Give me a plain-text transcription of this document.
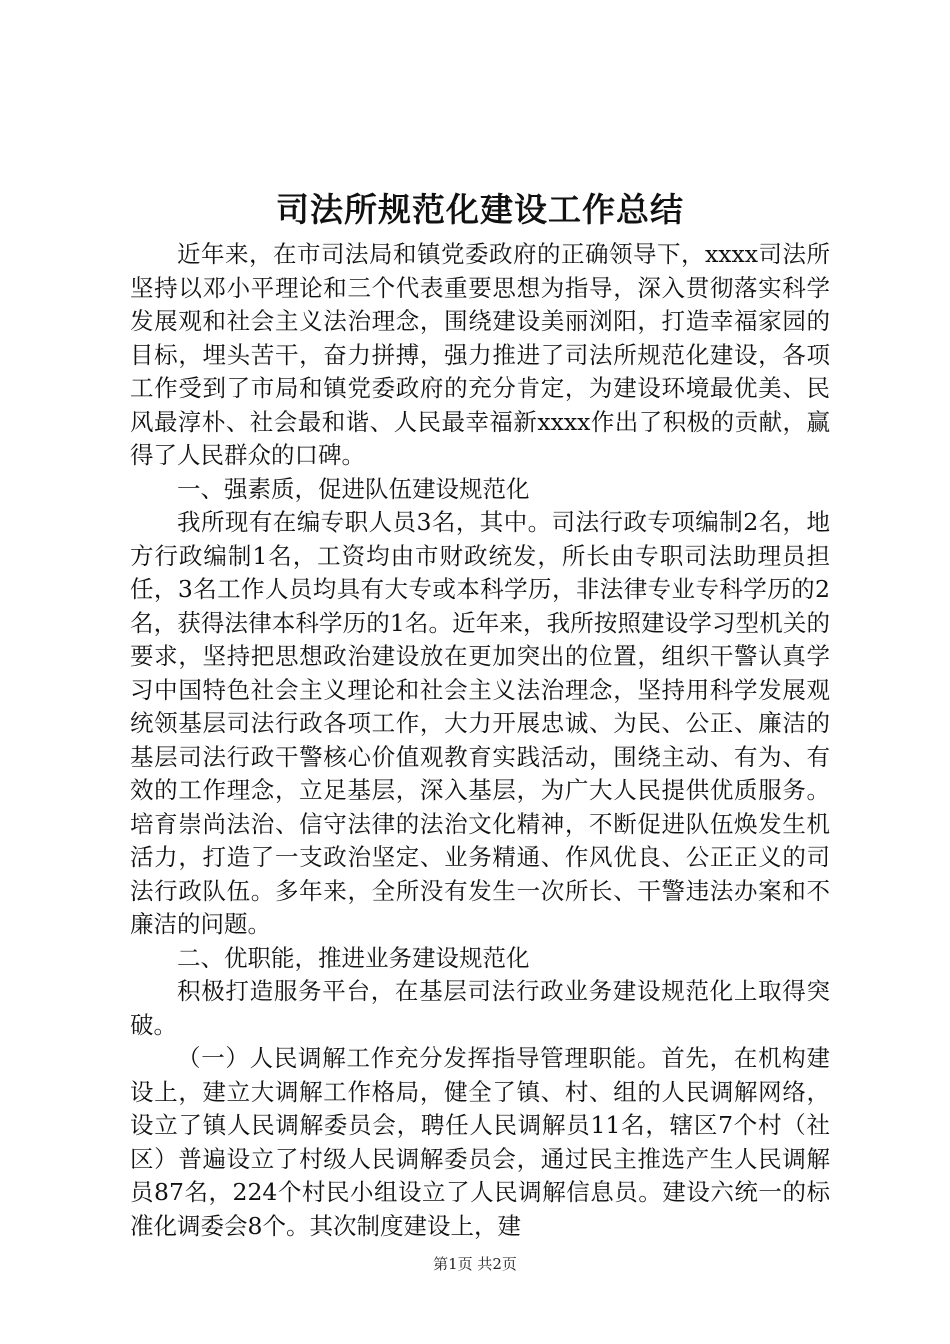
司法所规范化建设工作总结

近年来，在市司法局和镇党委政府的正确领导下，xxxx司法所坚持以邓小平理论和三个代表重要思想为指导，深入贯彻落实科学发展观和社会主义法治理念，围绕建设美丽浏阳，打造幸福家园的目标，埋头苦干，奋力拼搏，强力推进了司法所规范化建设，各项工作受到了市局和镇党委政府的充分肯定，为建设环境最优美、民风最淳朴、社会最和谐、人民最幸福新xxxx作出了积极的贡献，赢得了人民群众的口碑。

一、强素质，促进队伍建设规范化

我所现有在编专职人员3名，其中。司法行政专项编制2名，地方行政编制1名，工资均由市财政统发，所长由专职司法助理员担任，3名工作人员均具有大专或本科学历，非法律专业专科学历的2名，获得法律本科学历的1名。近年来，我所按照建设学习型机关的要求，坚持把思想政治建设放在更加突出的位置，组织干警认真学习中国特色社会主义理论和社会主义法治理念，坚持用科学发展观统领基层司法行政各项工作，大力开展忠诚、为民、公正、廉洁的基层司法行政干警核心价值观教育实践活动，围绕主动、有为、有效的工作理念，立足基层，深入基层，为广大人民提供优质服务。培育崇尚法治、信守法律的法治文化精神，不断促进队伍焕发生机活力，打造了一支政治坚定、业务精通、作风优良、公正正义的司法行政队伍。多年来，全所没有发生一次所长、干警违法办案和不廉洁的问题。

二、优职能，推进业务建设规范化

积极打造服务平台，在基层司法行政业务建设规范化上取得突破。

（一）人民调解工作充分发挥指导管理职能。首先，在机构建设上，建立大调解工作格局，健全了镇、村、组的人民调解网络，设立了镇人民调解委员会，聘任人民调解员11名，辖区7个村（社区）普遍设立了村级人民调解委员会，通过民主推选产生人民调解员87名，224个村民小组设立了人民调解信息员。建设六统一的标准化调委会8个。其次制度建设上，建

第1页 共2页
